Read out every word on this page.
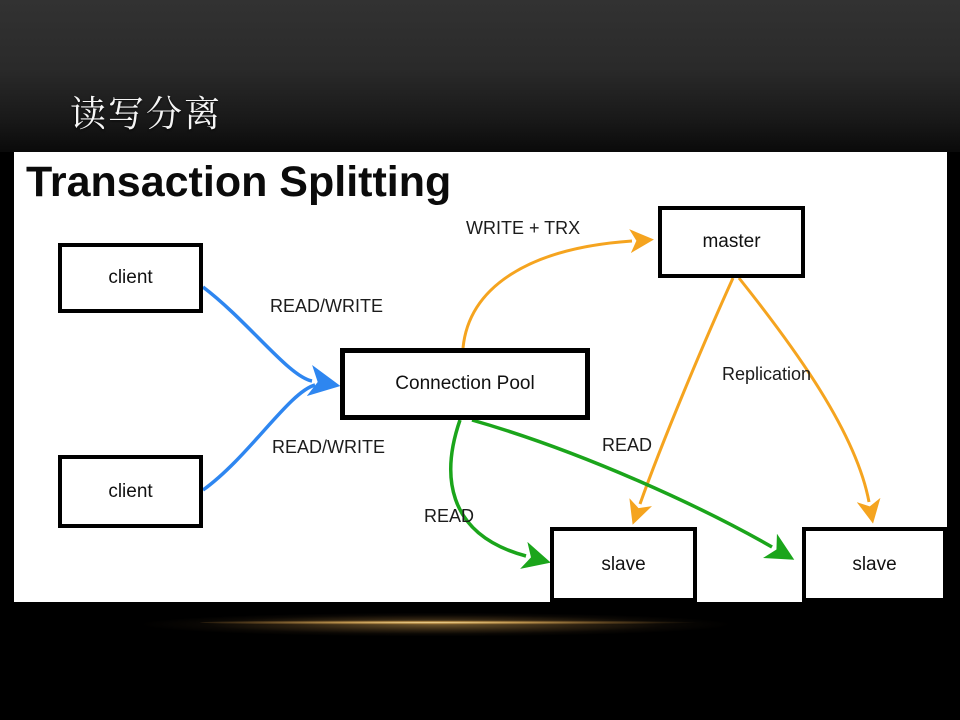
读写分离
Transaction Splitting
client
client
Connection Pool
master
slave	slave
READ/WRITE
WRITE + TRX
Replication
READ/WRITE	READ
READ
